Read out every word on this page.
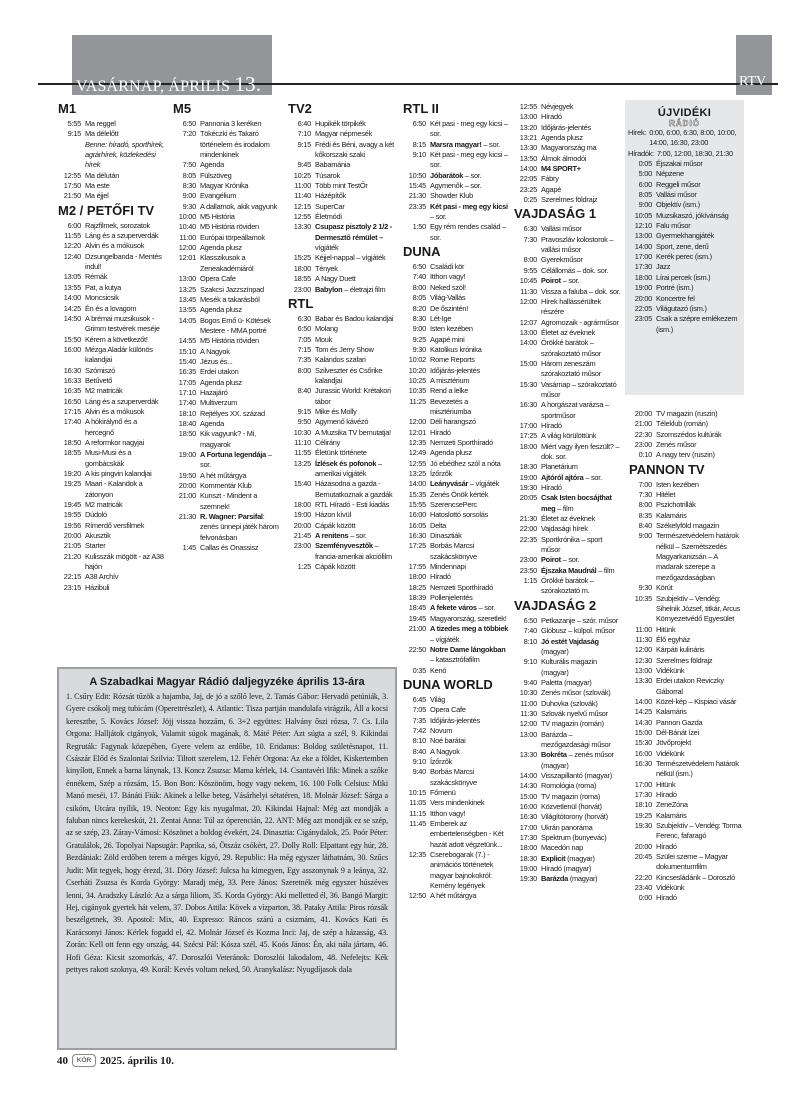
VASÁRNAP, ÁPRILIS 13.	RTV
M1
5:55 Ma reggel
9:15 Ma délelőtt
Benne: híradó, sporthírek, agrárhírek, közlekedési hírek
12:55 Ma délután
17:50 Ma este
21:50 Ma éjjel
M2 / PETŐFI TV
6:00 Rajzfilmek, sorozatok
11:55 Láng és a szuperverdák
12:20 Alvin és a mókusok
12:40 Dzsungelbanda - Mentés indul!
13:05 Rémák
13:55 Pat, a kutya
14:00 Moncsicsik
14:25 Én és a lovagom
14:50 A brémai muzsikusok - Grimm testvérek meséje
15:50 Kérem a következőt!
16:00 Mézga Aladár különös kalandjai
16:30 Szómiszó
16:33 Betűvető
16:35 M2 matricák
16:50 Láng és a szuperverdák
17:15 Alvin és a mókusok
17:40 A hókirálynő és a hercegnő
18:50 A reformkor nagyjai
18:55 Musi-Musi és a gombácskák
19:20 A kis pingvin kalandjai
19:25 Maari - Kalandok a zátonyon
19:45 M2 matricák
19:55 Dúdoló
19:56 Rímerdő versfilmek
20:00 Akusztik
21:05 Starter
21:20 Kulisszák mögött - az A38 hajón
22:15 A38 Archív
23:15 Házibuli
M5
6:50 Pannonia 3 keréken
7:20 Tökéczki és Takaró történelem és irodalom mindenkinek
7:50 Agenda
8:05 Fülszöveg
8:30 Magyar Krónika
9:00 Evangélium
9:30 A dallamok, akik vagyunk
10:00 M5 História
10:40 M5 História röviden
11:00 Európai törpeállamok
12:00 Agenda plusz
12:01 Klasszikusok a Zeneakadémiáról
13:00 Opera Cafe
13:25 Szakcsi Jazzszínpad
13:45 Mesék a takarásból
13:55 Agenda plusz
14:05 Bogos Ernő ü- Kötések Mestere - MMA portré
14:55 M5 História röviden
15:10 A Nagyok
15:40 Jézus és...
16:35 Erdei utakon
17:05 Agenda plusz
17:10 Hazajáró
17:40 Multiverzum
18:10 Rejtélyes XX. század
18:40 Agenda
18:50 Kik vagyunk? - Mi, magyarok
19:00 A Fortuna legendája – sor.
19:50 A hét műtárgya
20:00 Kommentár Klub
21:00 Kunszt - Mindent a szemnek!
21:30 R. Wagner: Parsifal: zenés ünnepi játék három felvonásban
1:45 Callas és Onassisz
TV2
6:40 Hupikék törpikék
7:10 Magyar népmesék
9:15 Frédi és Béni, avagy a két kőkorszaki szaki
9:45 Babamánia
10:25 Túsarok
11:00 Több mint TestŐr
11:40 Házépítők
12:15 SuperCar
12:55 Életmódi
13:30 Csupasz pisztoly 2 1/2 - Dermesztő rémület – vígjáték
15:25 Kéjjel-nappal – vígjáték
18:00 Tények
18:55 A Nagy Duett
23:00 Babylon – életrajzi film
RTL
6:30 Babar és Badou kalandjai
6:50 Molang
7:05 Mouk
7:15 Tom és Jerry Show
7:35 Kalandos szafari
8:00 Szilveszter és Csőrike kalandjai
8:40 Jurassic World: Krétakori tábor
9:15 Mike és Molly
9:50 Agymenő kávézó
10:30 A Muzsika TV bemutatja!
11:10 Célirány
11:55 Életünk története
13:25 Ízlések és pofonok – amerikai vígjáték
15:40 Házasodna a gazda - Bemutatkoznak a gazdák
18:00 RTL Híradó - Esti kiadás
19:00 Házon kívül
20:00 Cápák között
21:45 A renitens – sor.
23:00 Szemfényvesztők – francia-amerikai akciófilm
1:25 Cápák között
RTL II
6:50 Két pasi - meg egy kicsi – sor.
8:15 Marsra magyar! – sor.
9:10 Két pasi - meg egy kicsi – sor.
10:50 Jóbarátok – sor.
15:45 Agymenők – sor.
21:30 Showder Klub
23:35 Két pasi - meg egy kicsi – sor.
1:50 Egy rém rendes család – sor.
DUNA
6:50 Családi kör
7:40 Itthon vagy!
8:00 Neked szól!
8:05 Világ-Vallás
8:20 De őszintén!
8:30 Lét-Ige
9:00 Isten kezében
9:25 Agapé mini
9:30 Katolikus krónika
10:02 Rome Reports
10:20 Időjárás-jelentés
10:25 A misztérium
10:35 Rend a lelke
11:25 Bevezetés a misztériumba
12:00 Déli harangszó
12:01 Híradó
12:35 Nemzeti Sporthíradó
12:49 Agenda plusz
12:55 Jó ebédhez szól a nóta
13:25 Ízőrzők
14:00 Leányvásár – vígjáték
15:35 Zenés Önök kérték
15:55 SzerencsePerc
16:00 Hatoslottó sorsolás
16:05 Delta
16:30 Dinasztiák
17:25 Borbás Marcsi szakácskönyve
17:55 Mindennapi
18:00 Híradó
18:25 Nemzeti Sporthíradó
18:39 Pollenjelentés
18:45 A fekete város – sor.
19:45 Magyarország, szeretlek!
21:00 A tizedes meg a többiek – vígjáték
22:50 Notre Dame lángokban – katasztrófafilm
0:35 Kenó
DUNA WORLD
6:45 Világ
7:05 Opera Cafe
7:35 Időjárás-jelentés
7:42 Novum
8:10 Noé barátai
8:40 A Nagyok
9:10 Ízőrzők
9:40 Borbás Marcsi szakácskönyve
10:15 Főmenü
11:05 Vers mindenkinek
11:15 Itthon vagy!
11:45 Emberek az embertelenségben - Két hazát adott végzetünk...
12:35 Cserebogarak (7.) - animációs történetek magyar bajnokokról: Kemény legények
12:50 A hét műtárgya
12:55 Névjegyek
13:00 Híradó
13:20 Időjárás-jelentés
13:21 Agenda plusz
13:30 Magyarország ma
13:50 Álmok álmodói
14:00 M4 SPORT+
22:05 Fábry
23:25 Agapé
0:25 Szerelmes földrajz
VAJDASÁG 1
6:30 Vallási műsor
7:30 Pravoszláv kolostorok – vallási műsor
8:00 Gyerekműsor
9:55 Célállomás – dok. sor.
10:45 Poirot – sor.
11:30 Vissza a faluba – dok. sor.
12:00 Hírek hallássérültek részére
12:07 Agromozaik - agrárműsor
13:00 Életet az éveknek
14:00 Örökké barátok – szórakoztató műsor
15:00 Három zeneszám szórakoztató műsor
15:30 Vasárnap – szórakoztató műsor
16:30 A horgászat varázsa – sportműsor
17:00 Híradó
17:25 A világ körülöttünk
18:00 Miért vagy ilyen feszült? – dok. sor.
18:30 Planetárium
19:00 Ajtóról ajtóra – sor.
19:30 Híradó
20:05 Csak Isten bocsájthat meg – film
21:30 Életet az éveknek
22:00 Vajdasági hírek
22:35 Sportkrónika – sport műsor
23:00 Poirot – sor.
23:50 Éjszaka Maudnál – film
1:15 Örökké barátok – szórakoztató m.
VAJDASÁG 2
6:50 Petkazanje – szór. műsor
7:40 Glóbusz – külpol. műsor
8:10 Jó estét Vajdaság (magyar)
9:10 Kulturális magazin (magyar)
9:40 Paletta (magyar)
10:30 Zenés műsor (szlovák)
11:00 Duhovka (szlovák)
11:30 Szlovák nyelvű műsor
12:00 TV magazin (román)
13:00 Barázda – mezőgazdasági műsor
13:30 Bokréta – zenés műsor (magyar)
14:00 Visszapillantó (magyar)
14:30 Romológia (roma)
15:00 TV magazin (roma)
16:00 Közvetlenül (horvát)
16:30 Világítótorony (horvát)
17:00 Ukrán panoráma
17:30 Spektrum (bunyevác)
18:00 Macedón nap
18:30 Explicit (magyar)
19:00 Híradó (magyar)
19:30 Barázda (magyar)
ÚJVIDÉKI
RÁDIÓ
Hírek: 0:00, 6:00, 6:30, 8:00, 10:00, 14:00, 16:30, 23:00
Híradók: 7:00, 12:00, 18:30, 21:30
0:05 Éjszakai műsor
5:00 Népzene
6:00 Reggeli műsor
8:05 Vallási műsor
9:00 Objektív (ism.)
10:05 Muzsikaszó, jókívánság
12:10 Falu műsor
13:00 Gyermekhangjáték
14:00 Sport, zene, derű
17:00 Kerék perec (ism.)
17:30 Jazz
18:00 Lírai percek (ism.)
19:00 Portré (ism.)
20:00 Koncertre fel
22:05 Világutazó (ism.)
23:05 Csak a szépre emlékezem (ism.)
20:00 TV magazin (ruszin)
21:00 Téleklub (román)
22:30 Szomszédos kultúrák
23:00 Zenés műsor
0:10 A nagy terv (ruszin)
PANNON TV
7:00 Isten kezében
7:30 Hitélet
8:00 Pszichotrillák
8:35 Kalamáris
8:40 Székelyföld magazin
9:00 Természetvédelem határok nélkül – Szemétszedés Magyarkanizsán – A madarak szerepe a mezőgazdaságban
9:30 Körút
10:35 Szubjektív – Vendég: Sihelnik József, titkár, Arcus Környezetvédő Egyesület
11:00 Hitünk
11:30 Élő egyház
12:00 Kárpáti kulináris
12:30 Szerelmes földrajz
13:00 Vidékünk
13:30 Erdei utakon Reviczky Gáborral
14:00 Közel-kép – Kispiaci vásár
14:25 Kalamáris
14:30 Pannon Gazda
15:00 Dél-Bánát ízei
15:30 Jövőprojekt
16:00 Vidékünk
16:30 Természetvédelem határok nélkül (ism.)
17:00 Hitünk
17:30 Híradó
18:10 ZeneZóna
19:25 Kalamáris
19:30 Szubjektív – Vendég: Torma Ferenc, fafaragó
20:00 Híradó
20:45 Szülei szerne – Magyar dokumentumfilm
22:20 Kincsesládánk – Doroszló
23:40 Vidékünk
0:00 Híradó
A Szabadkai Magyar Rádió daljegyzéke április 13-ára
1. Csűry Edit: Rózsát tűzök a hajamba, Jaj, de jó a szőlő leve, 2. Tamás Gábor: Hervadó petúniák, 3. Gyere csókolj meg tubicám (Operettrészlet), 4. Atlantic: Tisza partján mandulafa virágzik, Áll a kocsi keresztbe, 5. Kovács József: Jöjj vissza hozzám, 6. 3+2 együttes: Halvány őszi rózsa, 7. Cs. Lila Orgona: Halljátok cigányok, Valamit súgok magának, 8. Máté Péter: Azt súgta a szél, 9. Kikindai Regruták: Fagynak közepében, Gyere velem az erdőbe, 10. Eridanus: Boldog születésnapot, 11. Császár Előd és Szalontai Szilvia: Tiltott szerelem, 12. Fehér Orgona: Az eke a földet, Kiskertemben kinyílott, Ennek a barna lánynak, 13. Koncz Zsuzsa: Mama kérlek, 14. Csantavéri Ifik: Minek a szőke énnékem, Szép a rózsám, 15. Bon Bon: Köszönöm, hogy vagy nekem, 16. 100 Folk Celsius: Miki Manó meséi, 17. Bánáti Fiúk: Akinek a lelke beteg, Vásárhelyi sétatéren, 18. Molnár József: Sárga a csikóm, Utcára nyílik, 19. Neoton: Egy kis nyugalmat, 20. Kikindai Hajnal: Még azt mondják a faluban nincs kerekeskút, 21. Zentai Anna: Túl az óperencián, 22. ANT: Még azt mondják ez se szép, az se szép, 23. Záray-Vámosi: Köszönet a boldog évekért, 24. Dinasztia: Cigánydalok, 25. Poór Péter: Gratulálok, 26. Topolyai Napsugár: Paprika, só, Ötszáz csókért, 27. Dolly Roll: Elpattant egy húr, 28. Bezdániak: Zöld erdőben terem a mérges kígyó, 29. Republic: Ha még egyszer láthatnám, 30. Szűcs Judit: Mit tegyek, hogy érezd, 31. Dóry József: Julcsa ha kimegyen, Egy asszonynak 9 a leánya, 32. Cserháti Zsuzsa és Korda György: Maradj még, 33. Pere János: Szeretnék még egyszer húszéves lenni, 34. Aradszky László: Az a sárga liliom, 35. Korda György: Aki melletted él, 36. Bangó Margit: Hej, cigányok gyertek hát velem, 37. Dobos Attila: Kövek a vízparton, 38. Pataky Attila: Piros rózsák beszélgetnek, 39. Apostol: Mix, 40. Expresso: Ráncos szárú a csizmám, 41. Kovács Kati és Karácsonyi János: Kérlek fogadd el, 42. Molnár József és Kozma Inci: Jaj, de szép a házasság, 43. Zorán: Kell ott fenn egy ország, 44. Szécsi Pál: Kósza szél, 45. Koós János: Én, aki nála jártam, 46. Hofi Géza: Kicsit szomorkás, 47. Doroszlói Veteránok: Doroszlói lakodalom, 48. Nefelejts: Kék pettyes rakott szoknya, 49. Korál: Kevés voltam neked, 50. Aranykalász: Nyugdíjasok dala
40	KÓR 2025. április 10.
